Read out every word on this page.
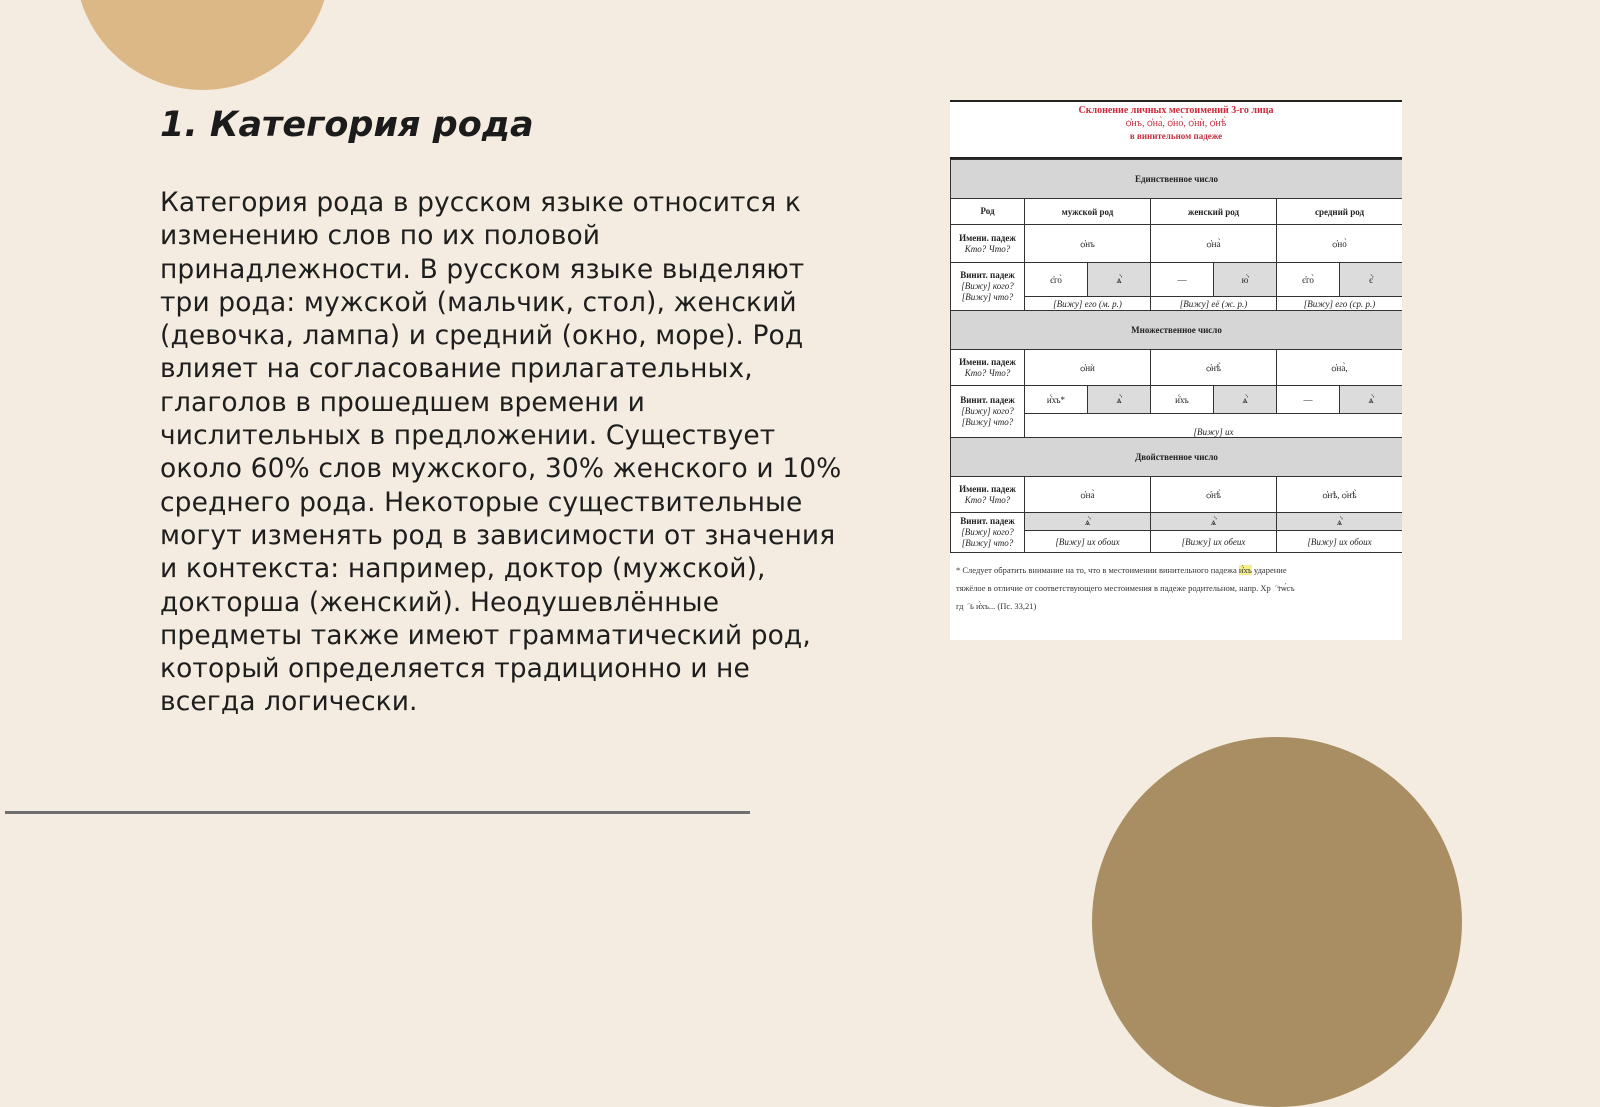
1. Категория рода

Категория рода в русском языке относится к изменению слов по их половой принадлежности. В русском языке выделяют три рода: мужской (мальчик, стол), женский (девочка, лампа) и средний (окно, море). Род влияет на согласование прилагательных, глаголов в прошедшем времени и числительных в предложении. Существует около 60% слов мужского, 30% женского и 10% среднего рода. Некоторые существительные могут изменять род в зависимости от значения и контекста: например, доктор (мужской), докторша (женский). Неодушевлённые предметы также имеют грамматический род, который определяется традиционно и не всегда логически.

Склонение личных местоимений 3-го лица
ѻ҆нъ, ѻ҆на̀, ѻ҆но̀, ѻ҆нѝ, ѻ҆нѣ̀
в винительном падеже
Единственное число						
Род	мужской род		женский род		средний род	
Имени. падеж
Кто? Что?	ѻ҆нъ		ѻ҆на̀		ѻ҆но̀	
Винит. падеж
[Вижу] кого? [Вижу] что?	є҆го̀	ѧ҆̀	—	ю҆̀	є҆го̀	є҆̀
	[Вижу] его (м. р.)		[Вижу] её (ж. р.)		[Вижу] его (ср. р.)	
Множественное число						
Имени. падеж
Кто? Что?	ѻ҆нѝ		ѻ҆нѣ̀		ѻ҆на̀,	
Винит. падеж
[Вижу] кого? [Вижу] что?	и҆́хъ*	ѧ҆̀	и҆́хъ	ѧ҆̀	—	ѧ҆̀
	[Вижу] их					
Двойственное число						
Имени. падеж
Кто? Что?	ѻ҆на̀		ѻ҆нѣ̀		ѻ҆нѣ, ѻ҆нѣ̀	
Винит. падеж
[Вижу] кого? [Вижу] что?	ѧ҆̀		ѧ҆̀		ѧ҆̀	
	[Вижу] их обоих		[Вижу] их обеих		[Вижу] их обоих	
* Следует обратить внимание на то, что в местоимении винительного падежа и҆́хъ ударение
тяжёлое в отличие от соответствующего местоимения в падеже родительном, напр. Хрⷭ҇тѡ́съ
гдⷭ҇ь и҆́хъ... (Пс. 33,21)
